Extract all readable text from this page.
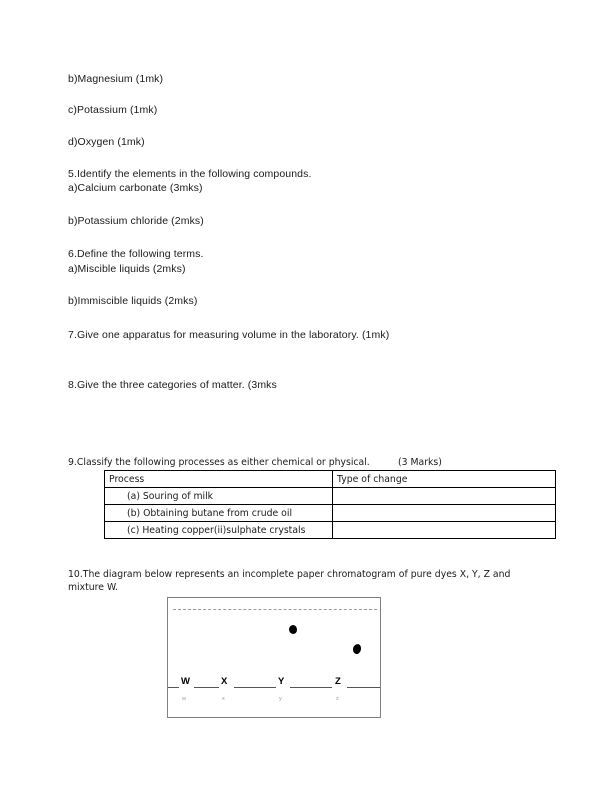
b)Magnesium (1mk)
c)Potassium (1mk)
d)Oxygen (1mk)
5.Identify the elements in the following compounds.
a)Calcium carbonate (3mks)
b)Potassium chloride (2mks)
6.Define the following terms.
a)Miscible liquids (2mks)
b)Immiscible liquids (2mks)
7.Give one apparatus for measuring volume in the laboratory. (1mk)
8.Give the three categories of matter. (3mks
9.Classify the following processes as either chemical or physical.	(3 Marks)
Process	Type of change
(a) Souring of milk	
(b) Obtaining butane from crude oil	
(c) Heating copper(ii)sulphate crystals	
10.The diagram below represents an incomplete paper chromatogram of pure dyes X, Y, Z and
mixture W.
W	X	Y	Z
w	x	y	z
